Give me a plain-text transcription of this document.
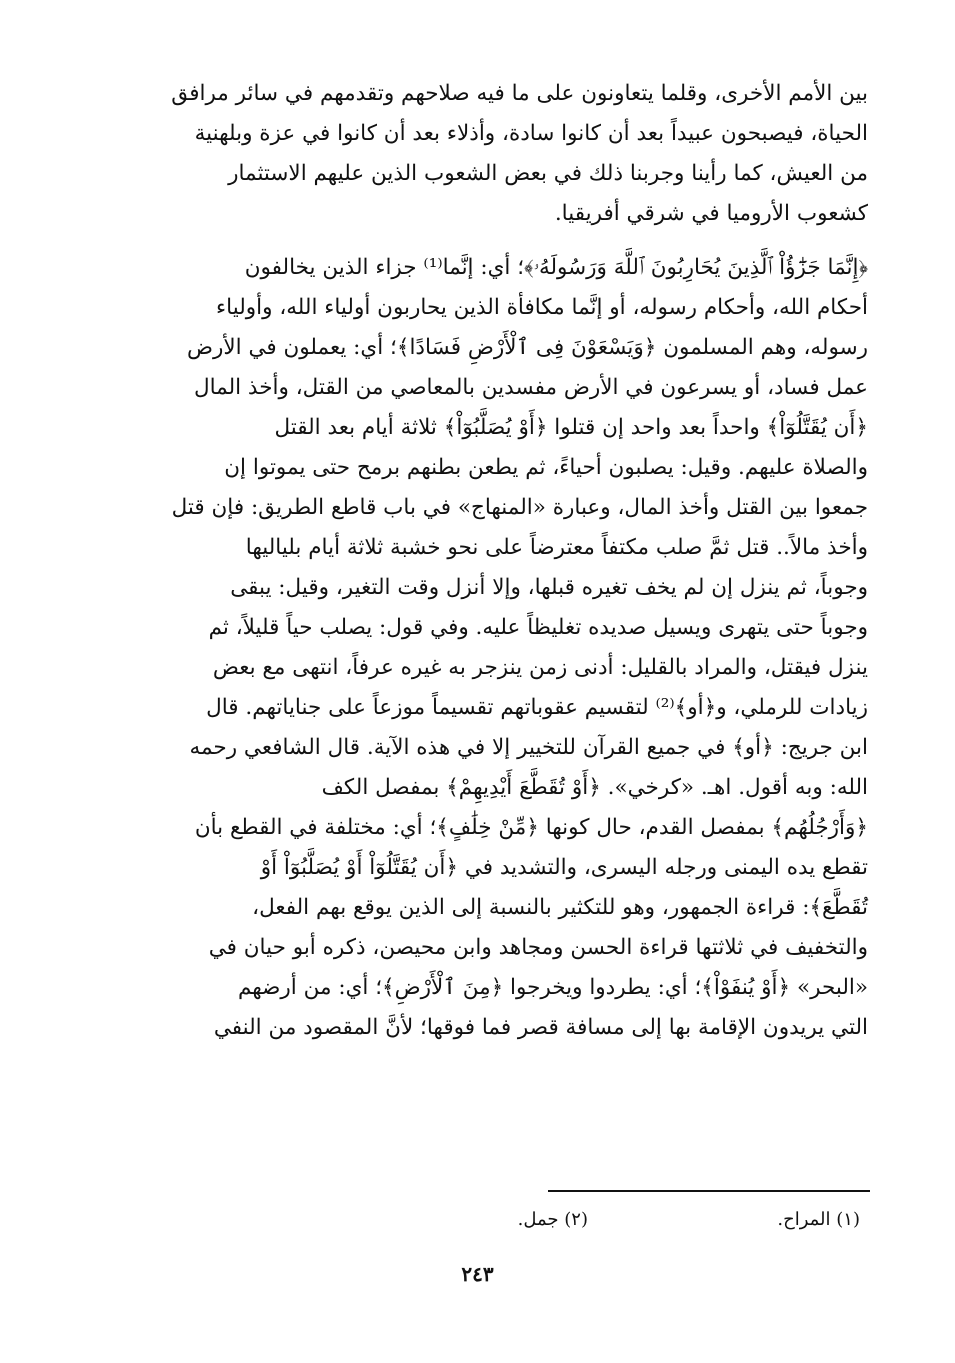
بين الأمم الأخرى، وقلما يتعاونون على ما فيه صلاحهم وتقدمهم في سائر مرافق
الحياة، فيصبحون عبيداً بعد أن كانوا سادة، وأذلاء بعد أن كانوا في عزة وبلهنية
من العيش، كما رأينا وجربنا ذلك في بعض الشعوب الذين عليهم الاستثمار
كشعوب الأروميا في شرقي أفريقيا.

﴿إِنَّمَا جَزَٰٓؤُاْ ٱلَّذِينَ يُحَارِبُونَ ٱللَّهَ وَرَسُولَهُۥ﴾؛ أي: إنَّما⁽¹⁾ جزاء الذين يخالفون
أحكام الله، وأحكام رسوله، أو إنَّما مكافأة الذين يحاربون أولياء الله، وأولياء
رسوله، وهم المسلمون ﴿وَيَسْعَوْنَ فِى ٱلْأَرْضِ فَسَادًا﴾؛ أي: يعملون في الأرض
عمل فساد، أو يسرعون في الأرض مفسدين بالمعاصي من القتل، وأخذ المال
﴿أَن يُقَتَّلُوٓاْ﴾ واحداً بعد واحد إن قتلوا ﴿أَوْ يُصَلَّبُوٓاْ﴾ ثلاثة أيام بعد القتل
والصلاة عليهم. وقيل: يصلبون أحياءً، ثم يطعن بطنهم برمح حتى يموتوا إن
جمعوا بين القتل وأخذ المال، وعبارة «المنهاج» في باب قاطع الطريق: فإن قتل
وأخذ مالاً.. قتل ثمَّ صلب مكتفاً معترضاً على نحو خشبة ثلاثة أيام بلياليها
وجوباً، ثم ينزل إن لم يخف تغيره قبلها، وإلا أنزل وقت التغير، وقيل: يبقى
وجوباً حتى يتهرى ويسيل صديده تغليظاً عليه. وفي قول: يصلب حياً قليلاً، ثم
ينزل فيقتل، والمراد بالقليل: أدنى زمن ينزجر به غيره عرفاً، انتهى مع بعض
زيادات للرملي، و﴿أو﴾⁽²⁾ لتقسيم عقوباتهم تقسيماً موزعاً على جناياتهم. قال
ابن جريج: ﴿أو﴾ في جميع القرآن للتخيير إلا في هذه الآية. قال الشافعي رحمه
الله: وبه أقول. اهـ. «كرخي». ﴿أَوْ تُقَطَّعَ أَيْدِيهِمْ﴾ بمفصل الكف
﴿وَأَرْجُلُهُم﴾ بمفصل القدم، حال كونها ﴿مِّنْ خِلَٰفٍ﴾؛ أي: مختلفة في القطع بأن
تقطع يده اليمنى ورجله اليسرى، والتشديد في ﴿أَن يُقَتَّلُوٓاْ أَوْ يُصَلَّبُوٓاْ أَوْ
تُقَطَّعَ﴾: قراءة الجمهور، وهو للتكثير بالنسبة إلى الذين يوقع بهم الفعل،
والتخفيف في ثلاثتها قراءة الحسن ومجاهد وابن محيصن، ذكره أبو حيان في
«البحر» ﴿أَوْ يُنفَوْاْ﴾؛ أي: يطردوا ويخرجوا ﴿مِنَ ٱلْأَرْضِ﴾؛ أي: من أرضهم
التي يريدون الإقامة بها إلى مسافة قصر فما فوقها؛ لأنَّ المقصود من النفي

(١) المراح.
(٢) جمل.
٢٤٣
